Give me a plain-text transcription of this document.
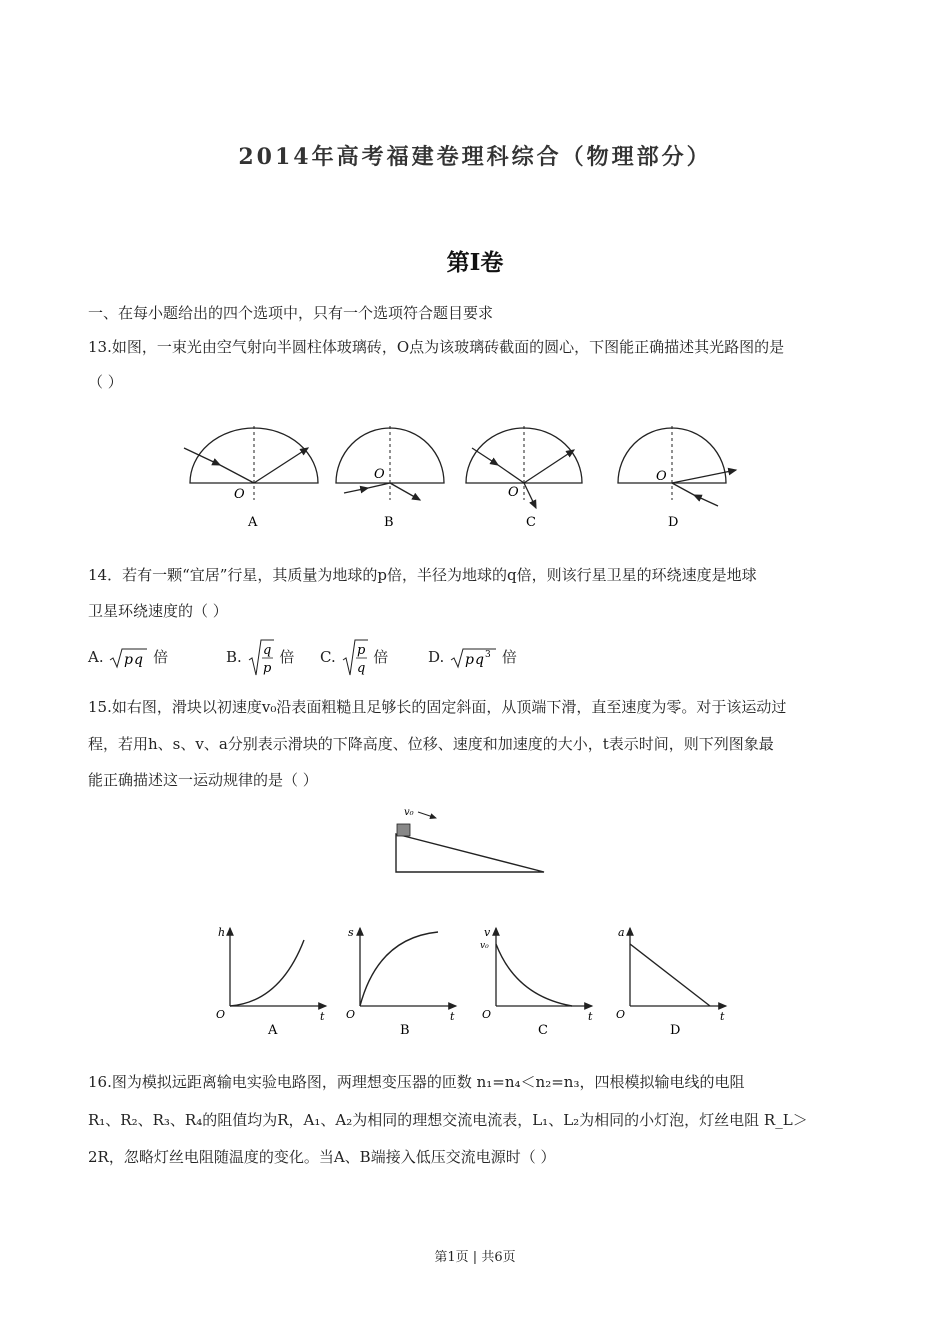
2014年高考福建卷理科综合（物理部分）
第I卷
一、在每小题给出的四个选项中，只有一个选项符合题目要求
13.如图，一束光由空气射向半圆柱体玻璃砖，O点为该玻璃砖截面的圆心，下图能正确描述其光路图的是
（ ）
O
A
O
B
O
C
O
D
14．若有一颗“宜居”行星，其质量为地球的p倍，半径为地球的q倍，则该行星卫星的环绕速度是地球
卫星环绕速度的（ ）
A. p q 倍	B. q
p
倍 C. p
q
倍	D. p q 3 倍
15.如右图，滑块以初速度v₀沿表面粗糙且足够长的固定斜面，从顶端下滑，直至速度为零。对于该运动过
程，若用h、s、v、a分别表示滑块的下降高度、位移、速度和加速度的大小，t表示时间，则下列图象最
能正确描述这一运动规律的是（ ）
v₀
h
t
O
A
s
t
O
B
v
v₀
t
O
C
a
t
O
D
16.图为模拟远距离输电实验电路图，两理想变压器的匝数 n₁=n₄＜n₂=n₃，四根模拟输电线的电阻
R₁、R₂、R₃、R₄的阻值均为R，A₁、A₂为相同的理想交流电流表，L₁、L₂为相同的小灯泡，灯丝电阻 R_L＞
2R，忽略灯丝电阻随温度的变化。当A、B端接入低压交流电源时（ ）
第1页 | 共6页
